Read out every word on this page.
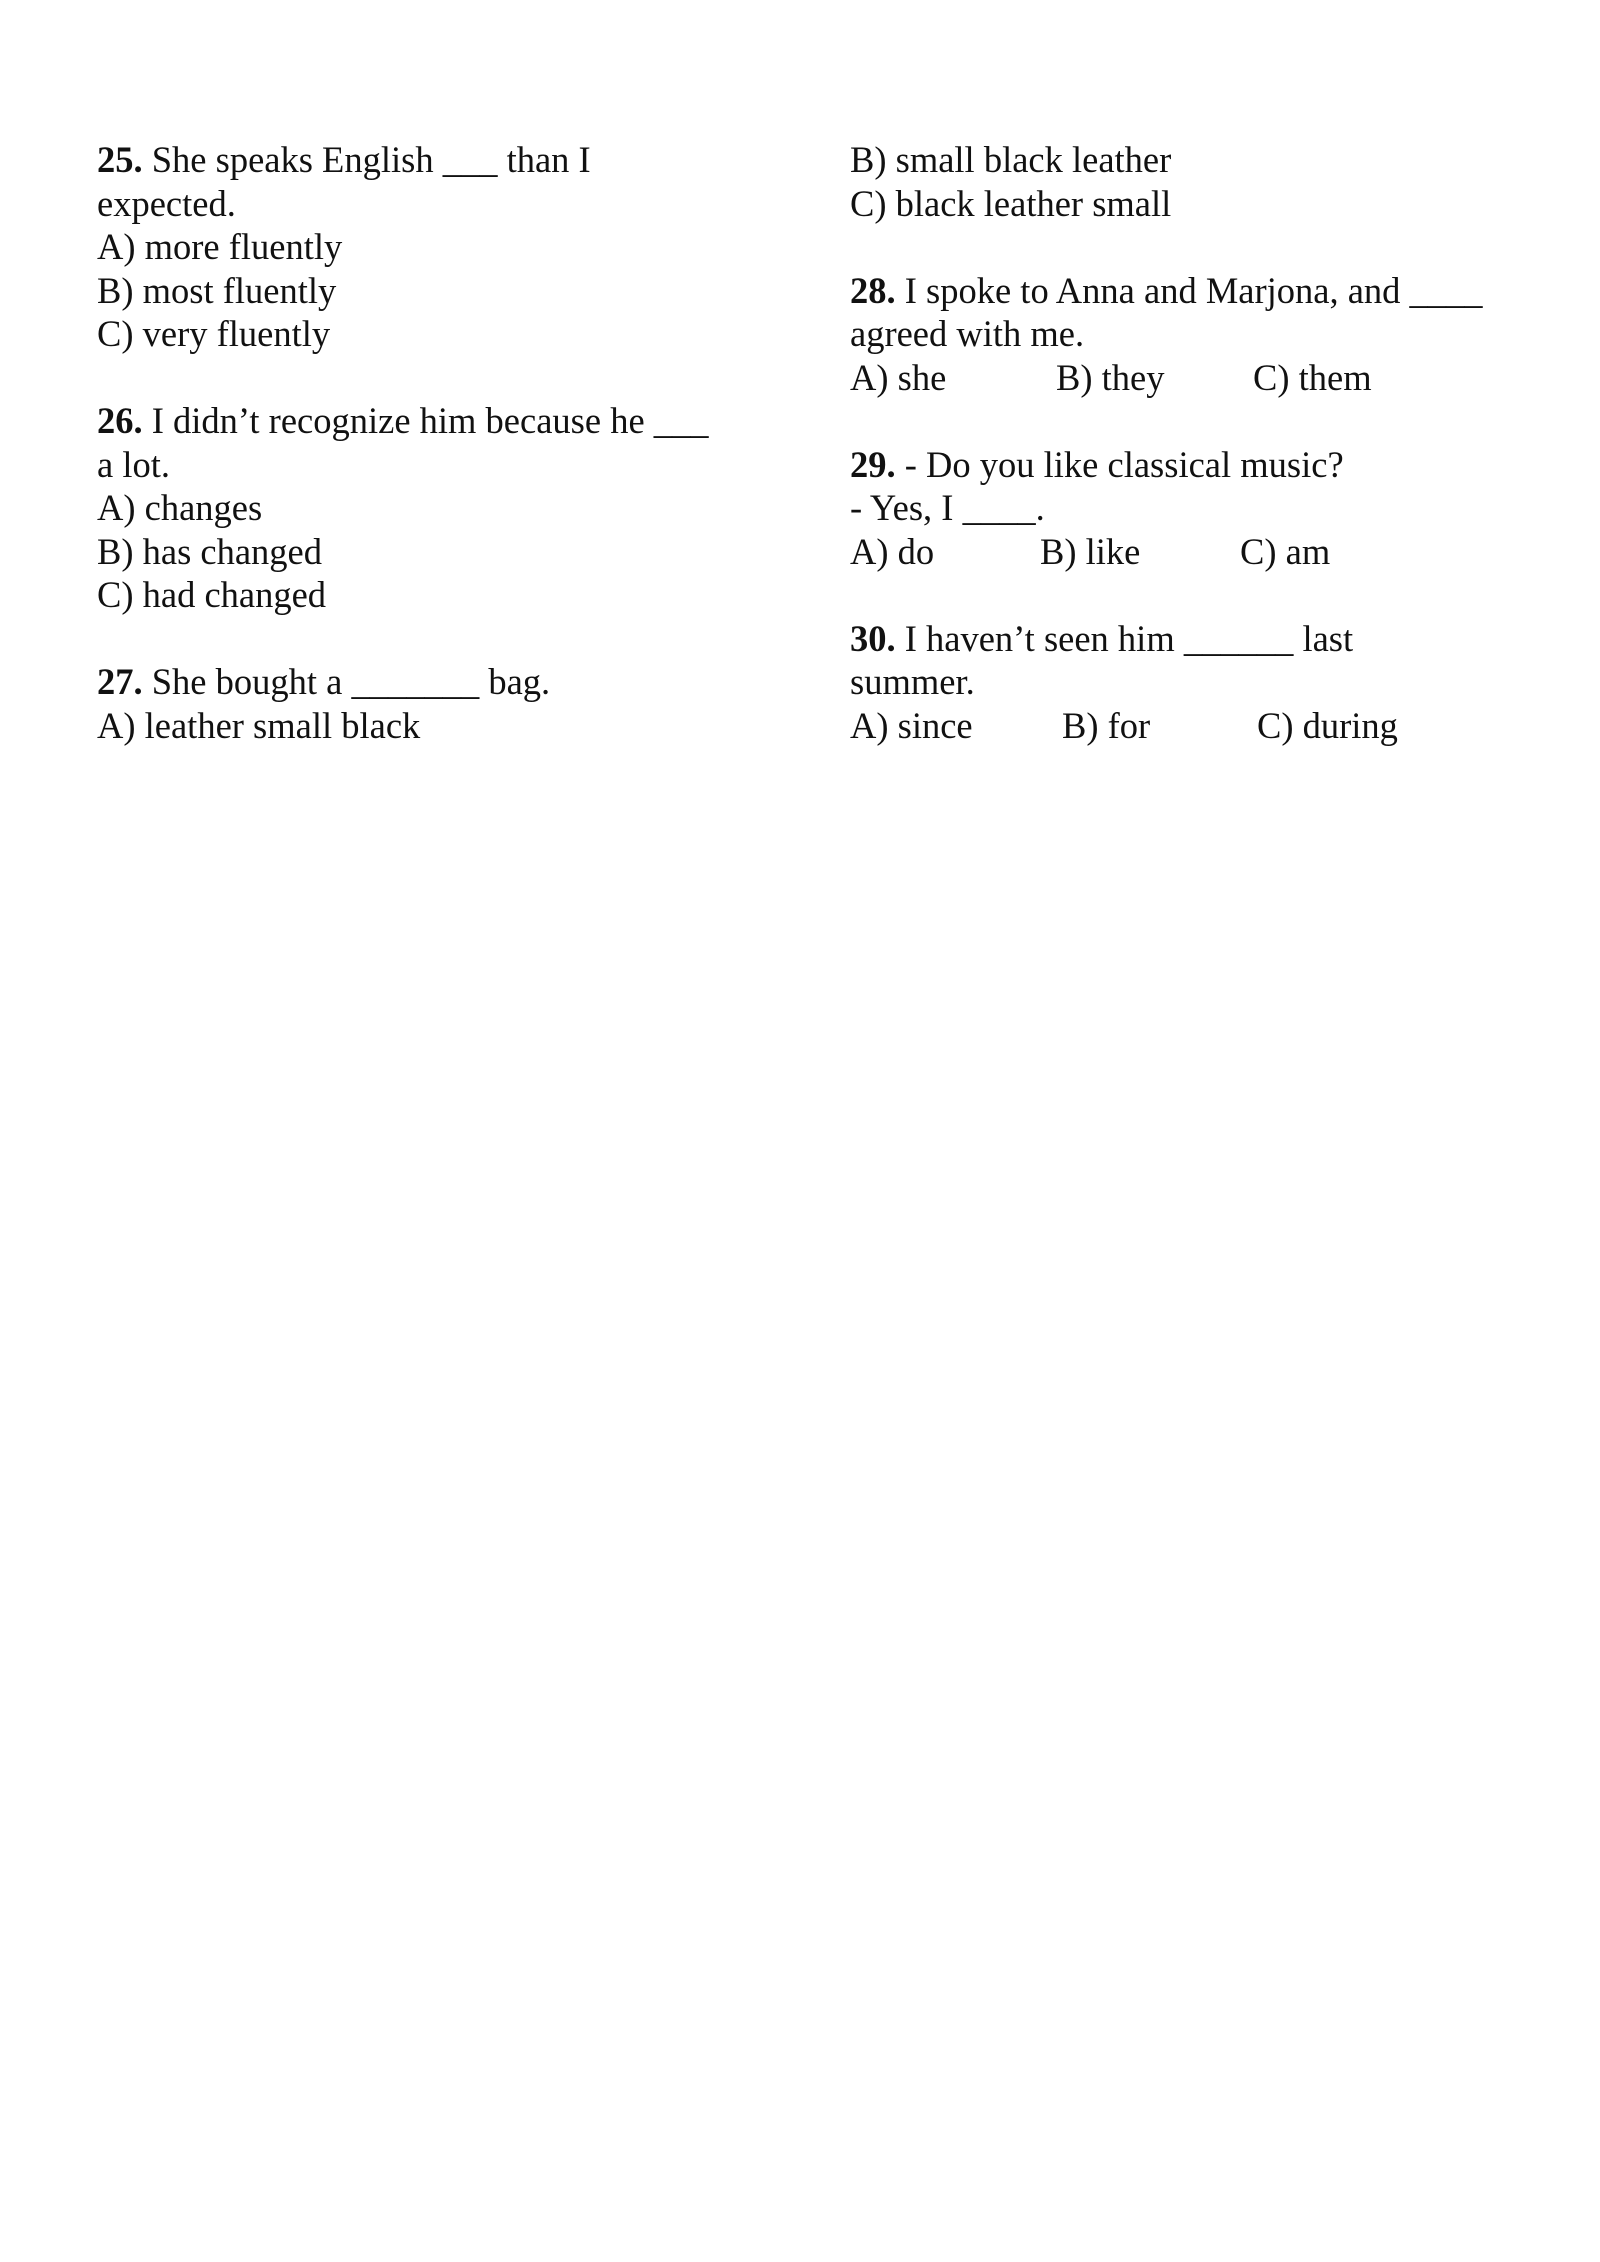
25. She speaks English ___ than I
expected.
A) more fluently
B) most fluently
C) very fluently
26. I didn’t recognize him because he ___
a lot.
A) changes
B) has changed
C) had changed
27. She bought a _______ bag.
A) leather small black
B) small black leather
C) black leather small
28. I spoke to Anna and Marjona, and ____
agreed with me.
A) she	B) they C) them
29. - Do you like classical music?
- Yes, I ____.
A) do	B) like	C) am
30. I haven’t seen him ______ last
summer.
A) since B) for	C) during
